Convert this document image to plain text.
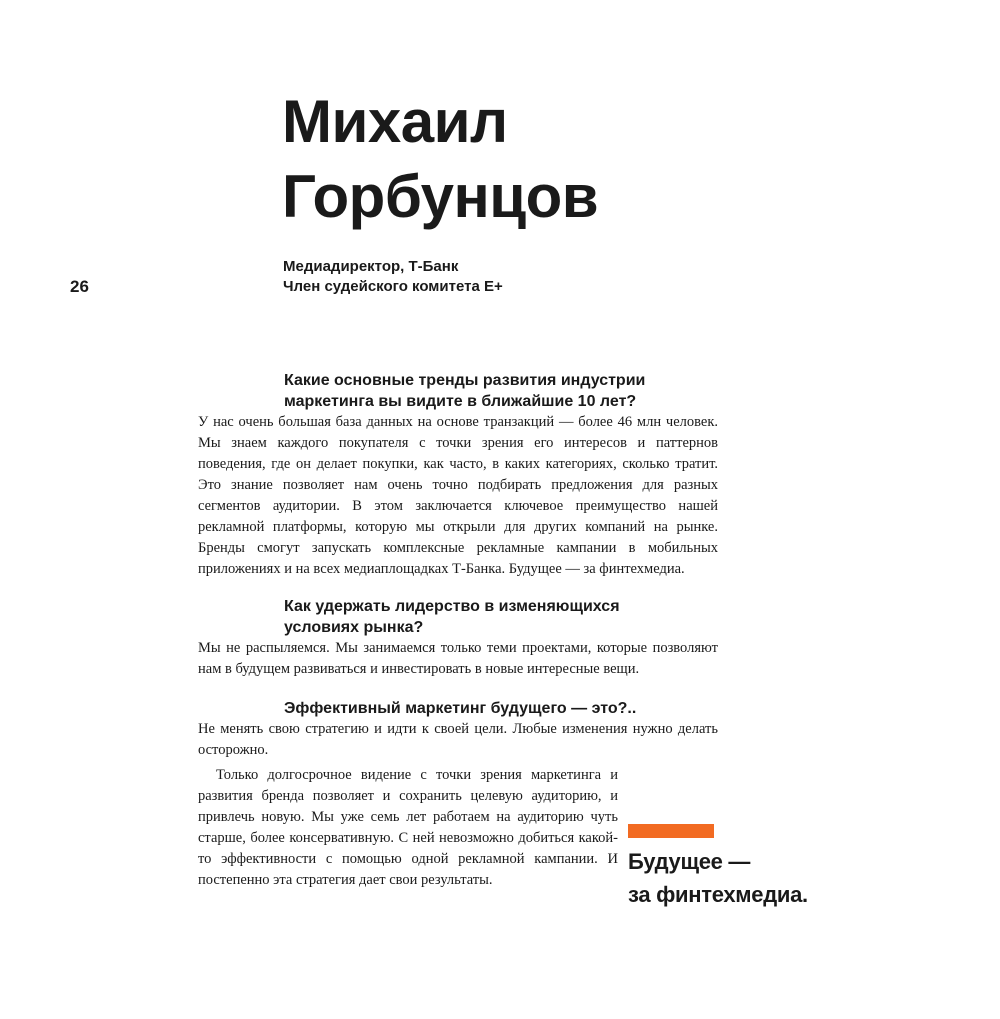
26
Михаил
Горбунцов
Медиадиректор, Т-Банк
Член судейского комитета E+
Какие основные тренды развития индустрии
маркетинга вы видите в ближайшие 10 лет?

У нас очень большая база данных на основе транзакций — более 46 млн человек. Мы знаем каждого покупателя с точки зрения его интересов и паттернов поведения, где он делает покупки, как часто, в каких категориях, сколько тратит. Это знание позволяет нам очень точно подбирать предложения для разных сегментов аудитории. В этом заключается ключевое преимущество нашей рекламной платформы, которую мы открыли для других компаний на рынке. Бренды смогут запускать комплексные рекламные кампании в мобильных приложениях и на всех медиаплощадках Т-Банка. Будущее — за финтехмедиа.

Как удержать лидерство в изменяющихся
условиях рынка?

Мы не распыляемся. Мы занимаемся только теми проектами, которые позволяют нам в будущем развиваться и инвестировать в новые интересные вещи.

Эффективный маркетинг будущего — это?..

Не менять свою стратегию и идти к своей цели. Любые изменения нужно делать осторожно.

Только долгосрочное видение с точки зрения маркетинга и развития бренда позволяет и сохранить целевую аудиторию, и привлечь новую. Мы уже семь лет работаем на аудиторию чуть старше, более консервативную. С ней невозможно добиться какой-то эффективности с помощью одной рекламной кампании. И постепенно эта стратегия дает свои результаты.

Будущее —
за финтехмедиа.
